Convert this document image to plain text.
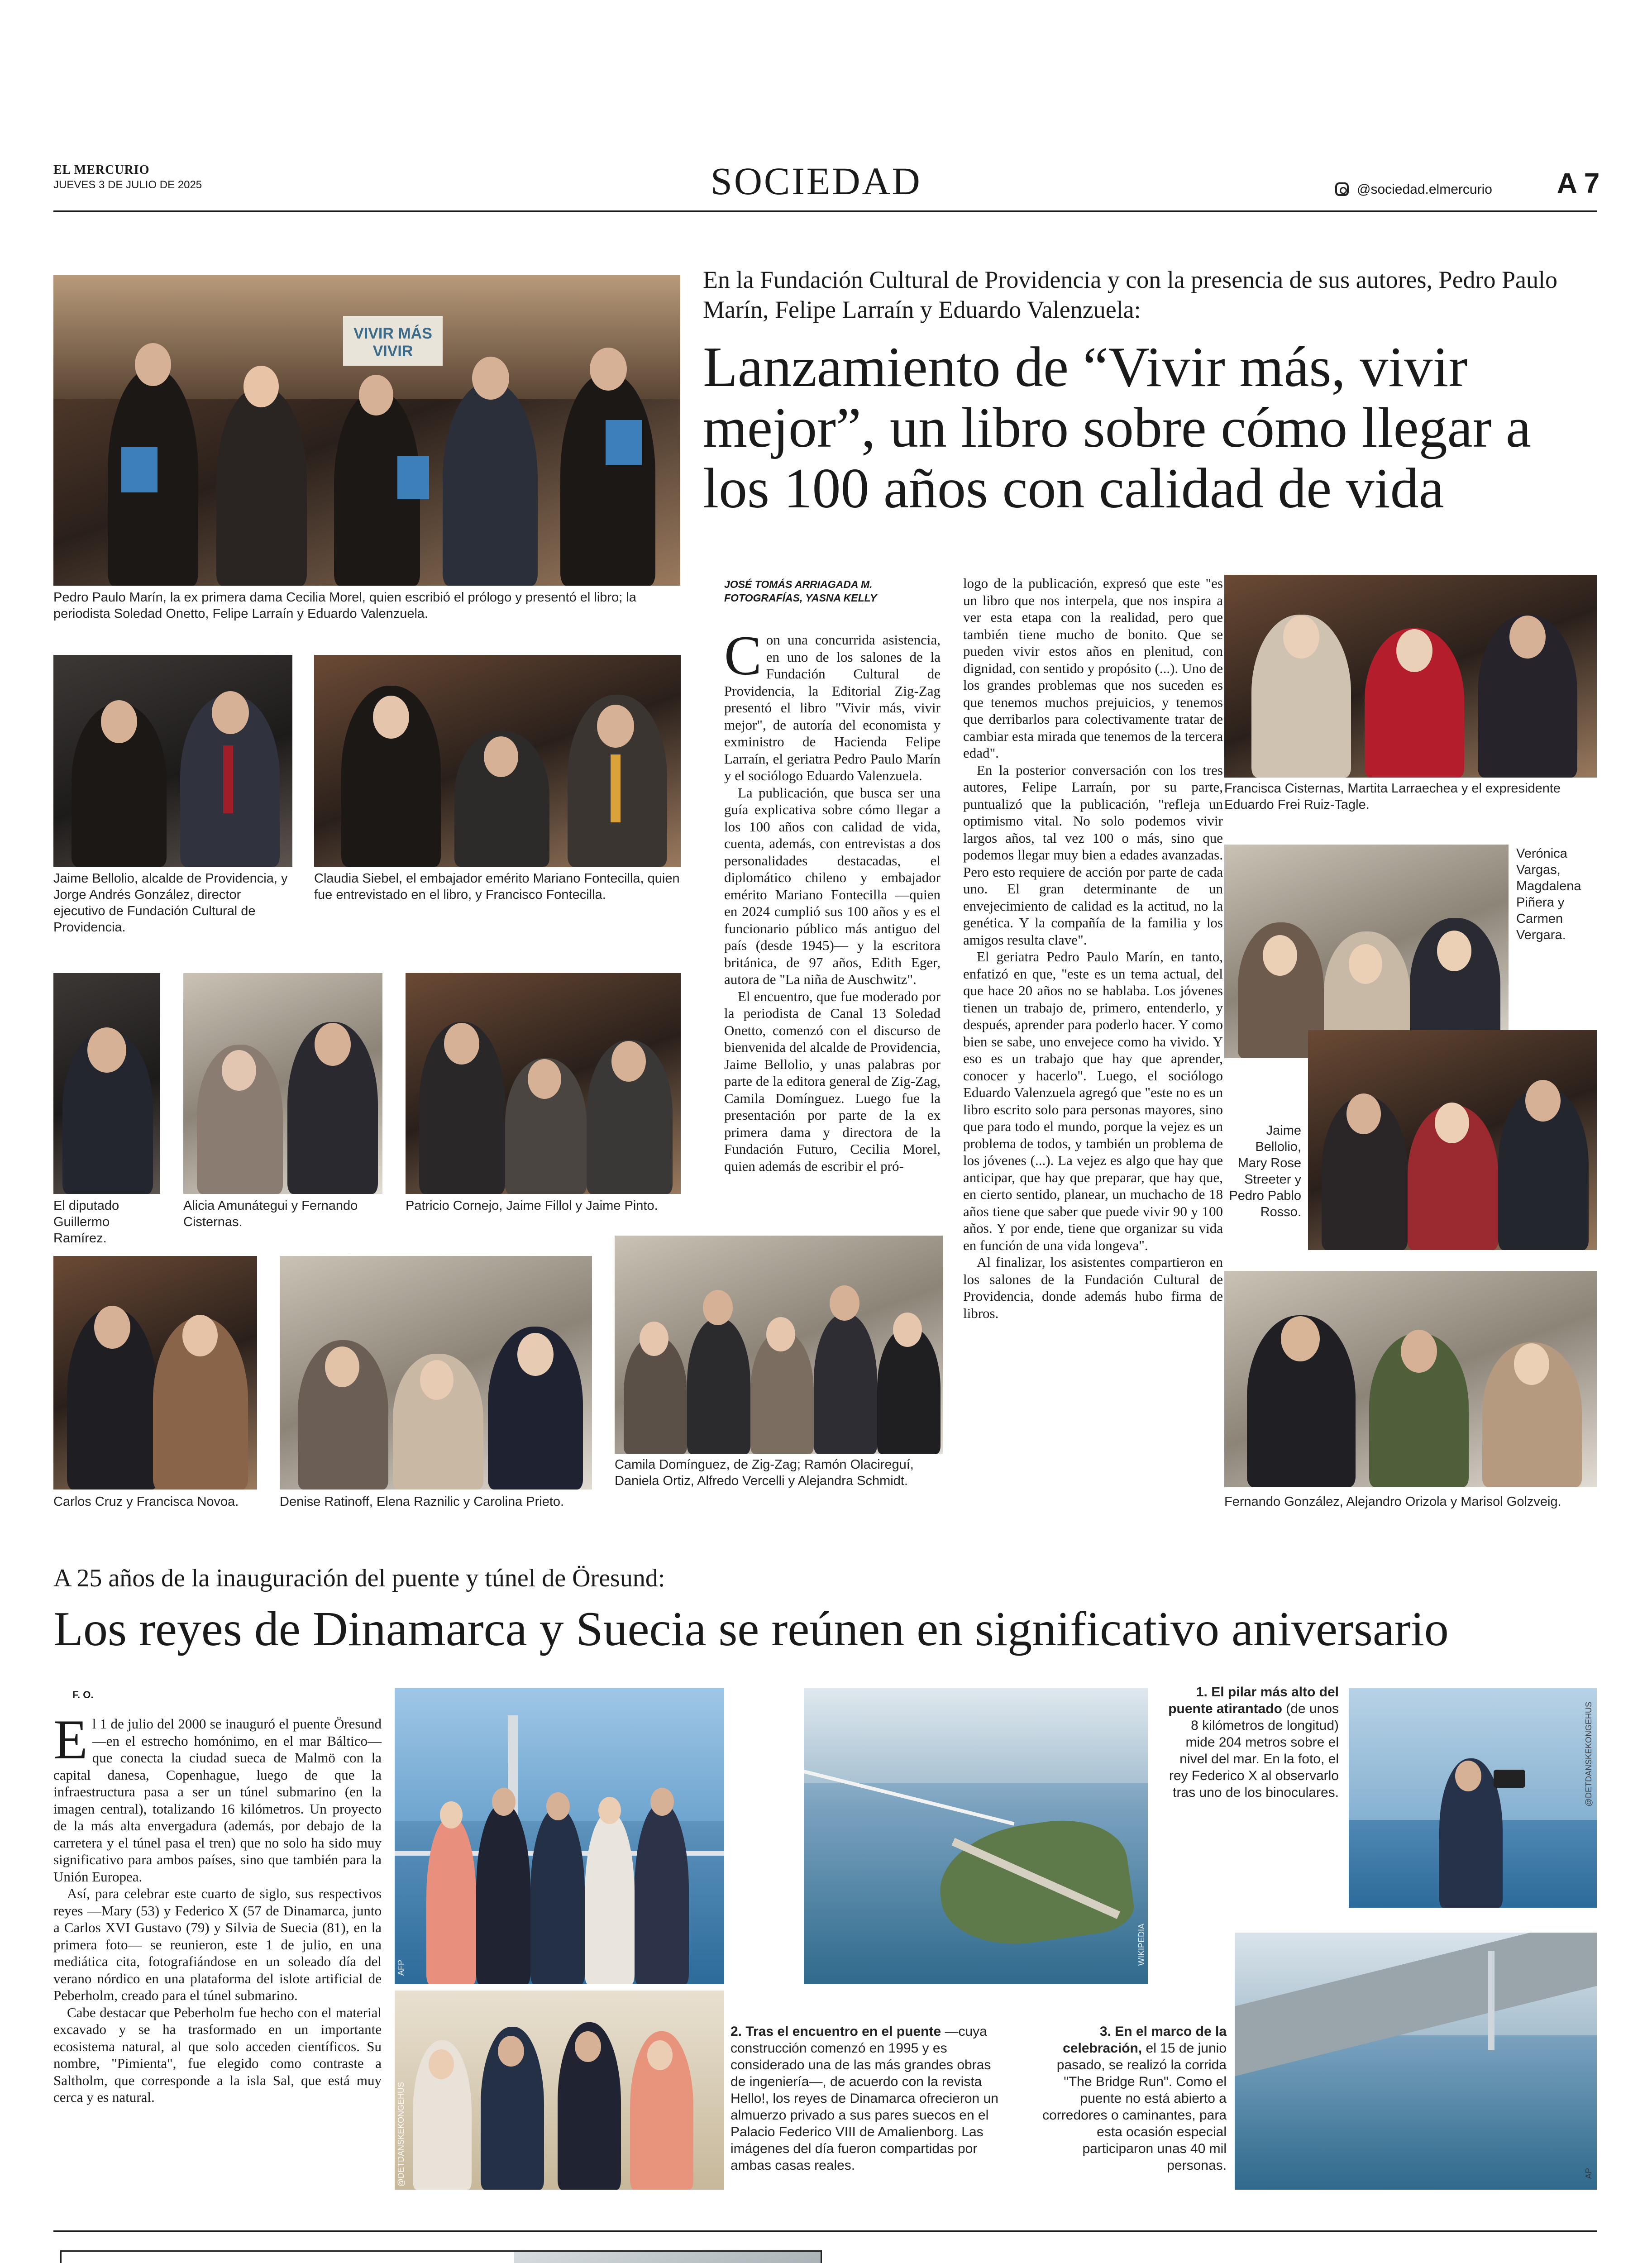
EL MERCURIO
JUEVES 3 DE JULIO DE 2025	SOCIEDAD	@sociedad.elmercurio A 7
VIVIR MÁS VIVIR
Pedro Paulo Marín, la ex primera dama Cecilia Morel, quien escribió el prólogo y presentó el libro; la periodista Soledad Onetto, Felipe Larraín y Eduardo Valenzuela.
En la Fundación Cultural de Providencia y con la presencia de sus autores, Pedro Paulo Marín, Felipe Larraín y Eduardo Valenzuela:
Lanzamiento de “Vivir más, vivir mejor”, un libro sobre cómo llegar a los 100 años con calidad de vida
JOSÉ TOMÁS ARRIAGADA M.
FOTOGRAFÍAS, YASNA KELLY
C on una concurrida asistencia, en uno de los salones de la Fundación Cultural de Providencia, la Editorial Zig-Zag presentó el libro "Vivir más, vivir mejor", de autoría del economista y exministro de Hacienda Felipe Larraín, el geriatra Pedro Paulo Marín y el sociólogo Eduardo Valenzuela.

La publicación, que busca ser una guía explicativa sobre cómo llegar a los 100 años con calidad de vida, cuenta, además, con entrevistas a dos personalidades destacadas, el diplomático chileno y embajador emérito Mariano Fontecilla —quien en 2024 cumplió sus 100 años y es el funcionario público más antiguo del país (desde 1945)— y la escritora británica, de 97 años, Edith Eger, autora de "La niña de Auschwitz".

El encuentro, que fue moderado por la periodista de Canal 13 Soledad Onetto, comenzó con el discurso de bienvenida del alcalde de Providencia, Jaime Bellolio, y unas palabras por parte de la editora general de Zig-Zag, Camila Domínguez. Luego fue la presentación por parte de la ex primera dama y directora de la Fundación Futuro, Cecilia Morel, quien además de escribir el pró-

logo de la publicación, expresó que este "es un libro que nos interpela, que nos inspira a ver esta etapa con la realidad, pero que también tiene mucho de bonito. Que se pueden vivir estos años en plenitud, con dignidad, con sentido y propósito (...). Uno de los grandes problemas que nos suceden es que tenemos muchos prejuicios, y tenemos que derribarlos para colectivamente tratar de cambiar esta mirada que tenemos de la tercera edad".

En la posterior conversación con los tres autores, Felipe Larraín, por su parte, puntualizó que la publicación, "refleja un optimismo vital. No solo podemos vivir largos años, tal vez 100 o más, sino que podemos llegar muy bien a edades avanzadas. Pero esto requiere de acción por parte de cada uno. El gran determinante de un envejecimiento de calidad es la actitud, no la genética. Y la compañía de la familia y los amigos resulta clave".

El geriatra Pedro Paulo Marín, en tanto, enfatizó en que, "este es un tema actual, del que hace 20 años no se hablaba. Los jóvenes tienen un trabajo de, primero, entenderlo, y después, aprender para poderlo hacer. Y como bien se sabe, uno envejece como ha vivido. Y eso es un trabajo que hay que aprender, conocer y hacerlo". Luego, el sociólogo Eduardo Valenzuela agregó que "este no es un libro escrito solo para personas mayores, sino que para todo el mundo, porque la vejez es un problema de todos, y también un problema de los jóvenes (...). La vejez es algo que hay que anticipar, que hay que preparar, que hay que, en cierto sentido, planear, un muchacho de 18 años tiene que saber que puede vivir 90 y 100 años. Y por ende, tiene que organizar su vida en función de una vida longeva".

Al finalizar, los asistentes compartieron en los salones de la Fundación Cultural de Providencia, donde además hubo firma de libros.

Jaime Bellolio, alcalde de Providencia, y Jorge Andrés González, director ejecutivo de Fundación Cultural de Providencia.
Claudia Siebel, el embajador emérito Mariano Fontecilla, quien fue entrevistado en el libro, y Francisco Fontecilla.
El diputado Guillermo Ramírez.
Alicia Amunátegui y Fernando Cisternas.
Patricio Cornejo, Jaime Fillol y Jaime Pinto.
Carlos Cruz y Francisca Novoa.	Denise Ratinoff, Elena Raznilic y Carolina Prieto.
Camila Domínguez, de Zig-Zag; Ramón Olacireguí, Daniela Ortiz, Alfredo Vercelli y Alejandra Schmidt.
Francisca Cisternas, Martita Larraechea y el expresidente Eduardo Frei Ruiz-Tagle.
Verónica Vargas, Magdalena Piñera y Carmen Vergara.
Jaime Bellolio, Mary Rose Streeter y Pedro Pablo Rosso.
Fernando González, Alejandro Orizola y Marisol Golzveig.
A 25 años de la inauguración del puente y túnel de Öresund:
Los reyes de Dinamarca y Suecia se reúnen en significativo aniversario
F. O.
E l 1 de julio del 2000 se inauguró el puente Öresund —en el estrecho homónimo, en el mar Báltico— que conecta la ciudad sueca de Malmö con la capital danesa, Copenhague, luego de que la infraestructura pasa a ser un túnel submarino (en la imagen central), totalizando 16 kilómetros. Un proyecto de la más alta envergadura (además, por debajo de la carretera y el túnel pasa el tren) que no solo ha sido muy significativo para ambos países, sino que también para la Unión Europea.

Así, para celebrar este cuarto de siglo, sus respectivos reyes —Mary (53) y Federico X (57 de Dinamarca, junto a Carlos XVI Gustavo (79) y Silvia de Suecia (81), en la primera foto— se reunieron, este 1 de julio, en una mediática cita, fotografiándose en un soleado día del verano nórdico en una plataforma del islote artificial de Peberholm, creado para el túnel submarino.

Cabe destacar que Peberholm fue hecho con el material excavado y se ha trasformado en un importante ecosistema natural, al que solo acceden científicos. Su nombre, "Pimienta", fue elegido como contraste a Saltholm, que corresponde a la isla Sal, que está muy cerca y es natural.

AFP
WIKIPEDIA
1. El pilar más alto del puente atirantado (de unos 8 kilómetros de longitud) mide 204 metros sobre el nivel del mar. En la foto, el rey Federico X al observarlo tras uno de los binoculares.	@DETDANSKEKONGEHUS
@DETDANSKEKONGEHUS
2. Tras el encuentro en el puente —cuya construcción comenzó en 1995 y es considerado una de las más grandes obras de ingeniería—, de acuerdo con la revista Hello!, los reyes de Dinamarca ofrecieron un almuerzo privado a sus pares suecos en el Palacio Federico VIII de Amalienborg. Las imágenes del día fueron compartidas por ambas casas reales.
3. En el marco de la celebración, el 15 de junio pasado, se realizó la corrida "The Bridge Run". Como el puente no está abierto a corredores o caminantes, para esta ocasión especial participaron unas 40 mil personas.
AP
